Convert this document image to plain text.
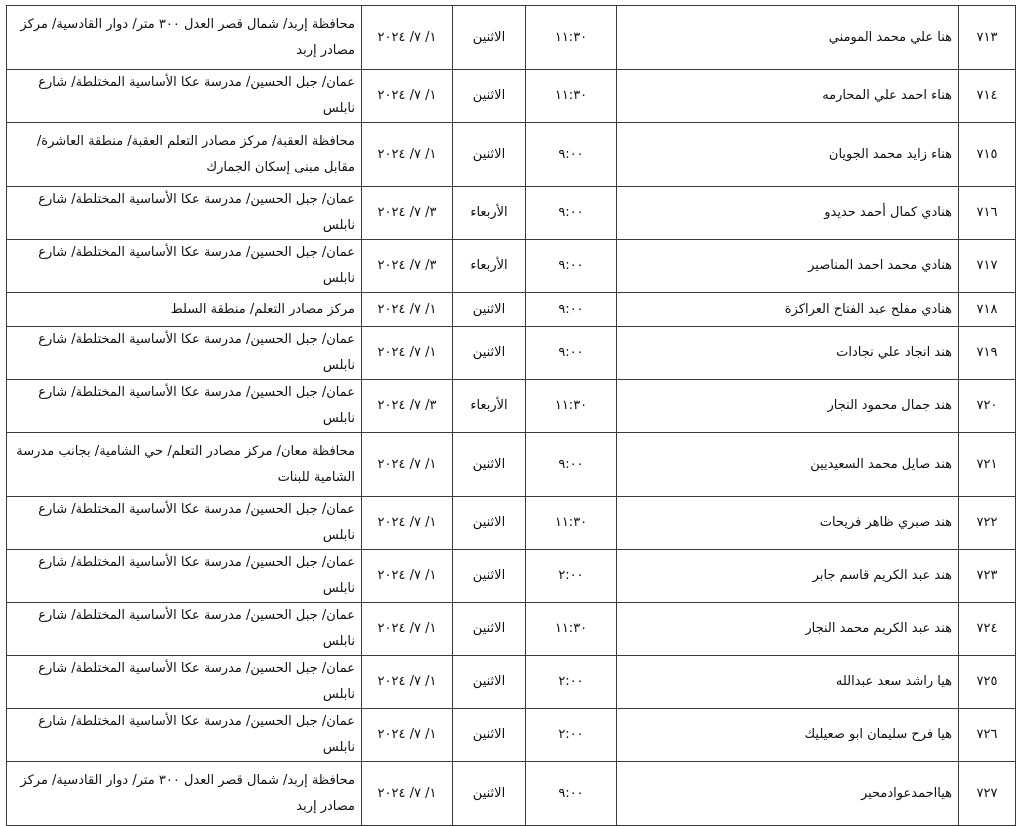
٧١٣	هنا علي محمد المومني	١١:٣٠	الاثنين	١/ ٧/ ٢٠٢٤	محافظة إربد/ شمال قصر العدل ٣٠٠ متر/ دوار القادسية/ مركز مصادر إربد
٧١٤	هناء احمد علي المحارمه	١١:٣٠	الاثنين	١/ ٧/ ٢٠٢٤	عمان/ جبل الحسين/ مدرسة عكا الأساسية المختلطة/ شارع نابلس
٧١٥	هناء زايد محمد الجويان	٩:٠٠	الاثنين	١/ ٧/ ٢٠٢٤	محافظة العقبة/ مركز مصادر التعلم العقبة/ منطقة العاشرة/ مقابل مبنى إسكان الجمارك
٧١٦	هنادي كمال أحمد حديدو	٩:٠٠	الأربعاء	٣/ ٧/ ٢٠٢٤	عمان/ جبل الحسين/ مدرسة عكا الأساسية المختلطة/ شارع نابلس
٧١٧	هنادي محمد احمد المناصير	٩:٠٠	الأربعاء	٣/ ٧/ ٢٠٢٤	عمان/ جبل الحسين/ مدرسة عكا الأساسية المختلطة/ شارع نابلس
٧١٨	هنادي مفلح عبد الفتاح العراكزة	٩:٠٠	الاثنين	١/ ٧/ ٢٠٢٤	مركز مصادر التعلم/ منطقة السلط
٧١٩	هند انجاد علي نجادات	٩:٠٠	الاثنين	١/ ٧/ ٢٠٢٤	عمان/ جبل الحسين/ مدرسة عكا الأساسية المختلطة/ شارع نابلس
٧٢٠	هند جمال محمود النجار	١١:٣٠	الأربعاء	٣/ ٧/ ٢٠٢٤	عمان/ جبل الحسين/ مدرسة عكا الأساسية المختلطة/ شارع نابلس
٧٢١	هند صايل محمد السعيديين	٩:٠٠	الاثنين	١/ ٧/ ٢٠٢٤	محافظة معان/ مركز مصادر التعلم/ حي الشامية/ بجانب مدرسة الشامية للبنات
٧٢٢	هند صبري ظاهر فريحات	١١:٣٠	الاثنين	١/ ٧/ ٢٠٢٤	عمان/ جبل الحسين/ مدرسة عكا الأساسية المختلطة/ شارع نابلس
٧٢٣	هند عبد الكريم قاسم جابر	٢:٠٠	الاثنين	١/ ٧/ ٢٠٢٤	عمان/ جبل الحسين/ مدرسة عكا الأساسية المختلطة/ شارع نابلس
٧٢٤	هند عبد الكريم محمد النجار	١١:٣٠	الاثنين	١/ ٧/ ٢٠٢٤	عمان/ جبل الحسين/ مدرسة عكا الأساسية المختلطة/ شارع نابلس
٧٢٥	هيا راشد سعد عبدالله	٢:٠٠	الاثنين	١/ ٧/ ٢٠٢٤	عمان/ جبل الحسين/ مدرسة عكا الأساسية المختلطة/ شارع نابلس
٧٢٦	هيا فرح سليمان ابو صعيليك	٢:٠٠	الاثنين	١/ ٧/ ٢٠٢٤	عمان/ جبل الحسين/ مدرسة عكا الأساسية المختلطة/ شارع نابلس
٧٢٧	هيااحمدعوادمحير	٩:٠٠	الاثنين	١/ ٧/ ٢٠٢٤	محافظة إربد/ شمال قصر العدل ٣٠٠ متر/ دوار القادسية/ مركز مصادر إربد
